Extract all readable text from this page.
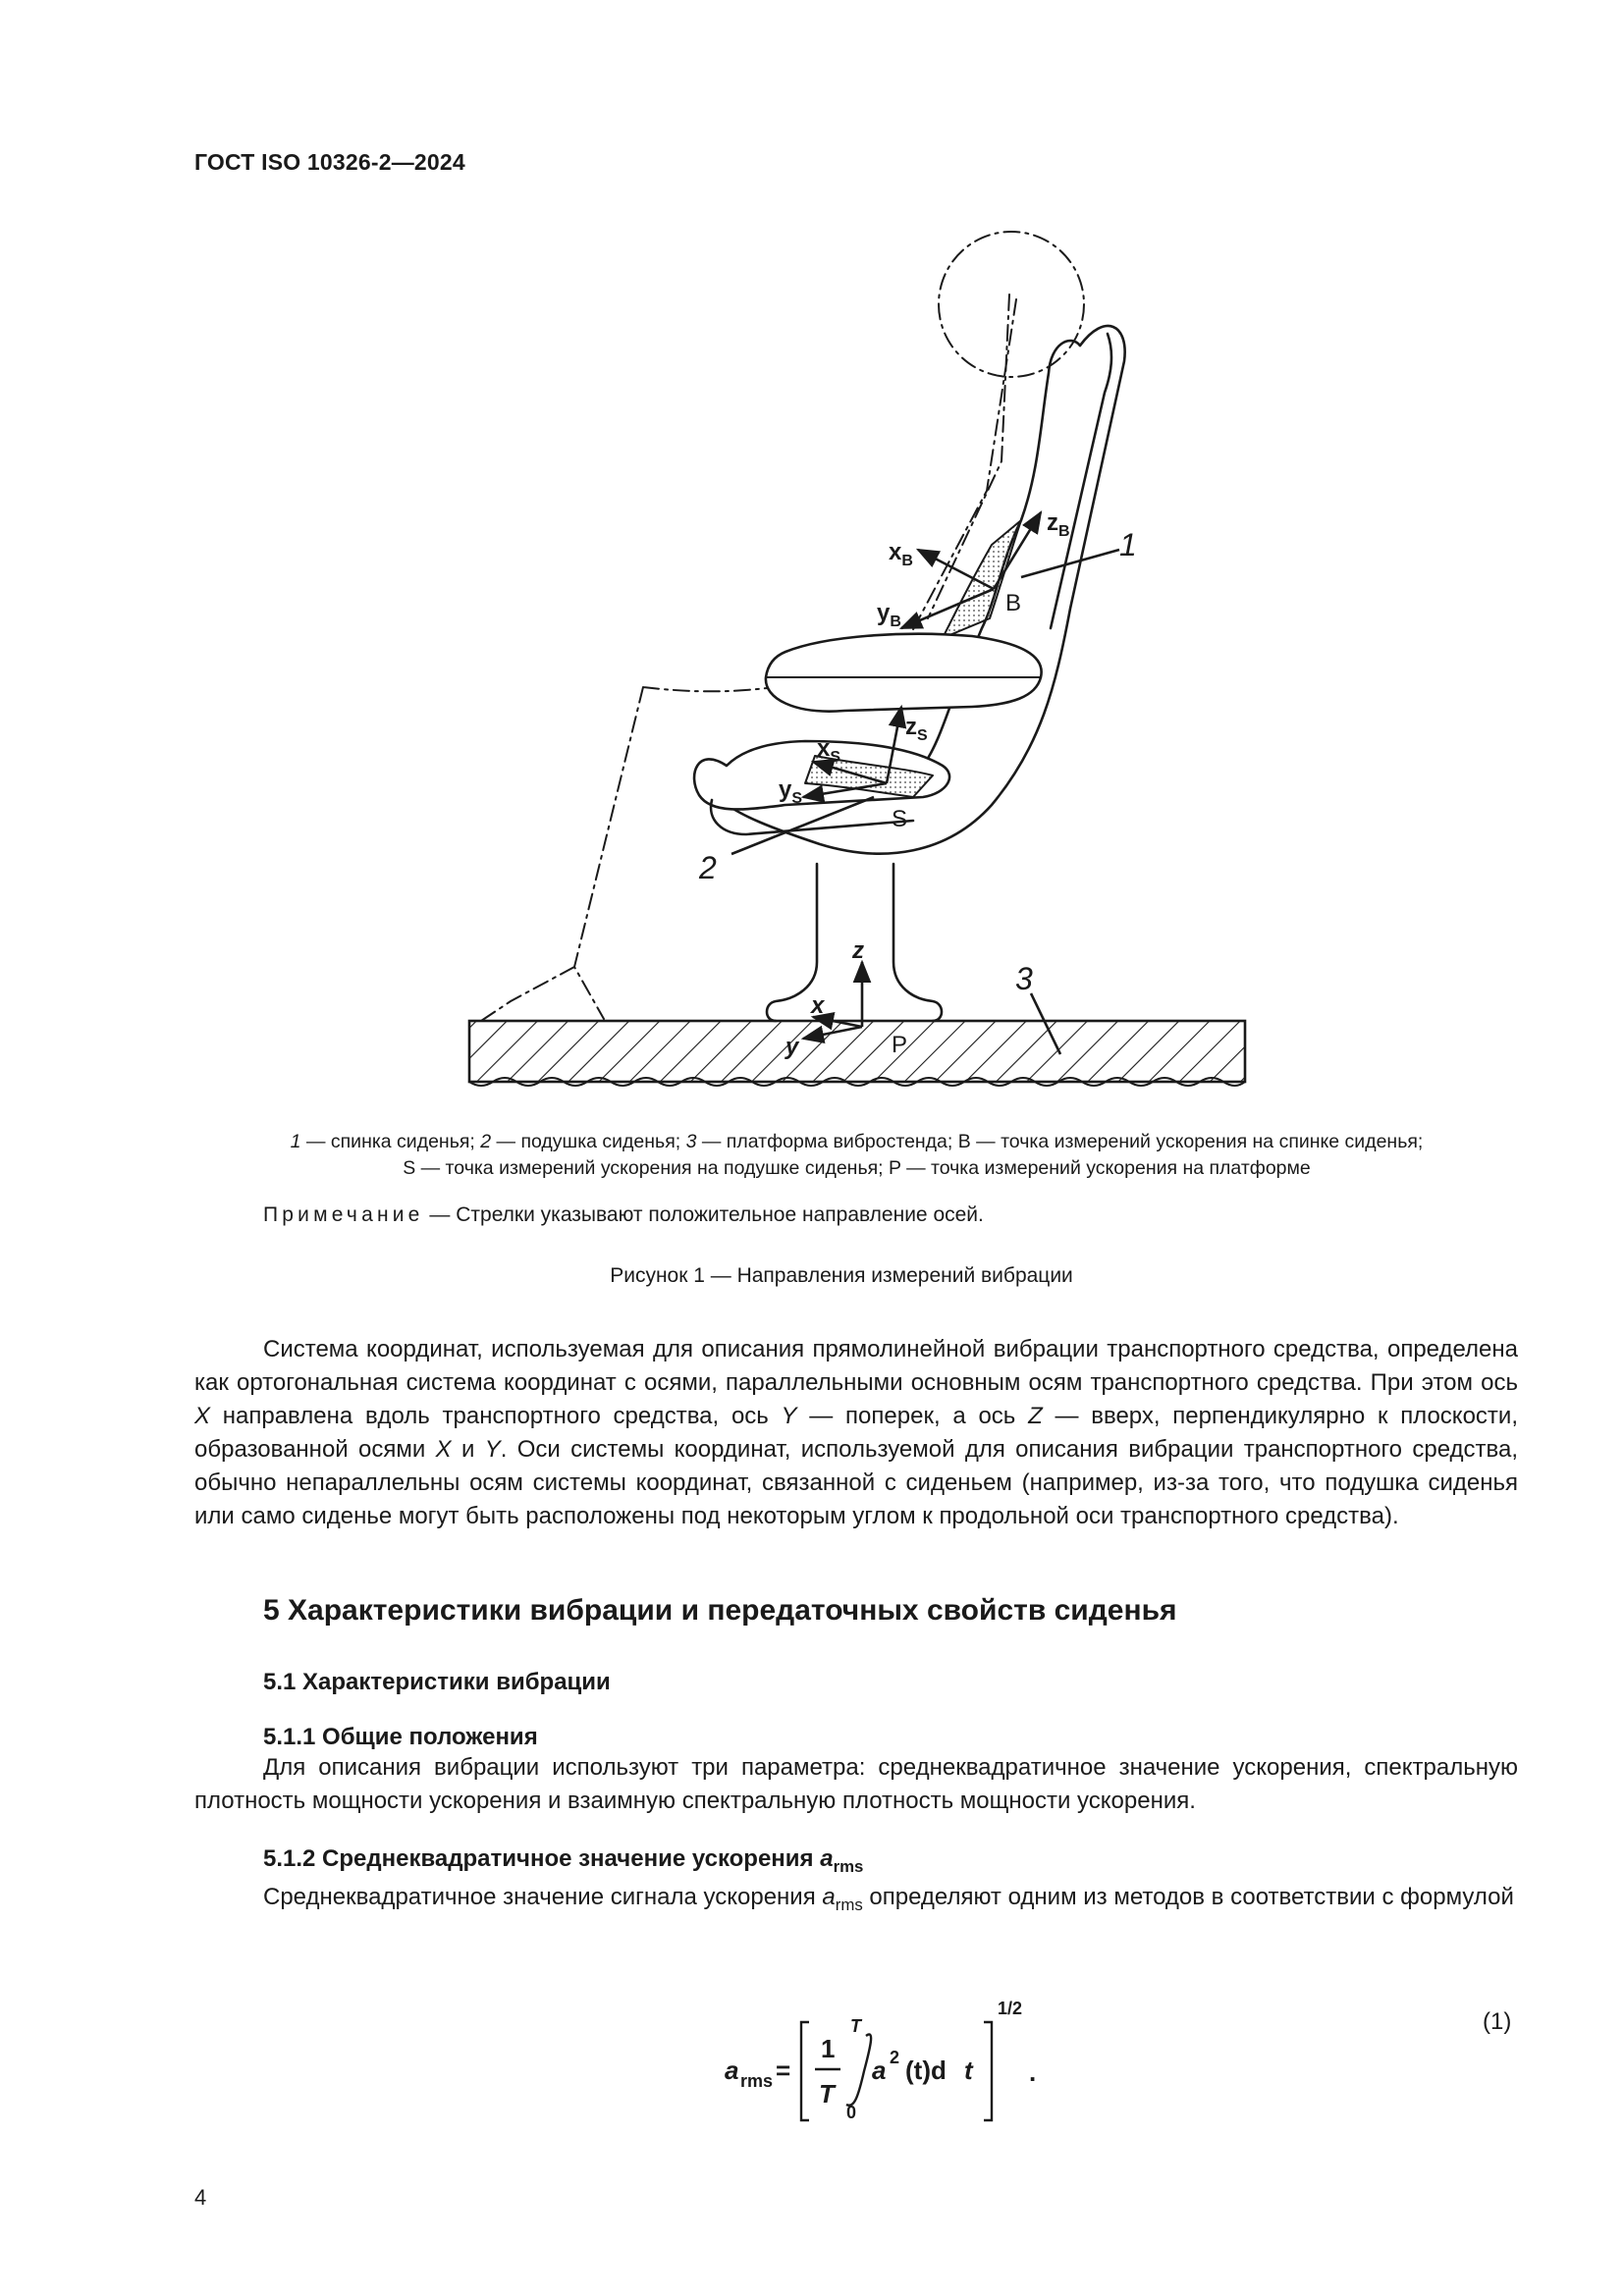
ГОСТ ISO 10326-2—2024
$x_B$
$z_B$
$y_B$
B
1
$z_S$
$x_S$
$y_S$
S
2
z
x
y	P
3
1 — спинка сиденья; 2 — подушка сиденья; 3 — платформа вибростенда; B — точка измерений ускорения на спинке сиденья;
S — точка измерений ускорения на подушке сиденья; P — точка измерений ускорения на платформе
Примечание — Стрелки указывают положительное направление осей.
Рисунок 1 — Направления измерений вибрации
Система координат, используемая для описания прямолинейной вибрации транспортного средства, определена как ортогональная система координат с осями, параллельными основным осям транспортного средства. При этом ось X направлена вдоль транспортного средства, ось Y — поперек, а ось Z — вверх, перпендикулярно к плоскости, образованной осями X и Y. Оси системы координат, используемой для описания вибрации транспортного средства, обычно непараллельны осям системы координат, связанной с сиденьем (например, из-за того, что подушка сиденья или само сиденье могут быть расположены под некоторым углом к продольной оси транспортного средства).
5 Характеристики вибрации и передаточных свойств сиденья
5.1 Характеристики вибрации
5.1.1 Общие положения
Для описания вибрации используют три параметра: среднеквадратичное значение ускорения, спектральную плотность мощности ускорения и взаимную спектральную плотность мощности ускорения.
5.1.2 Среднеквадратичное значение ускорения $a_{rms}$
Среднеквадратичное значение сигнала ускорения $a_{rms}$ определяют одним из методов в соответствии с формулой
a rms =
1
T
T
0
a 2 (t)d t
1/2
.
(1)
4
